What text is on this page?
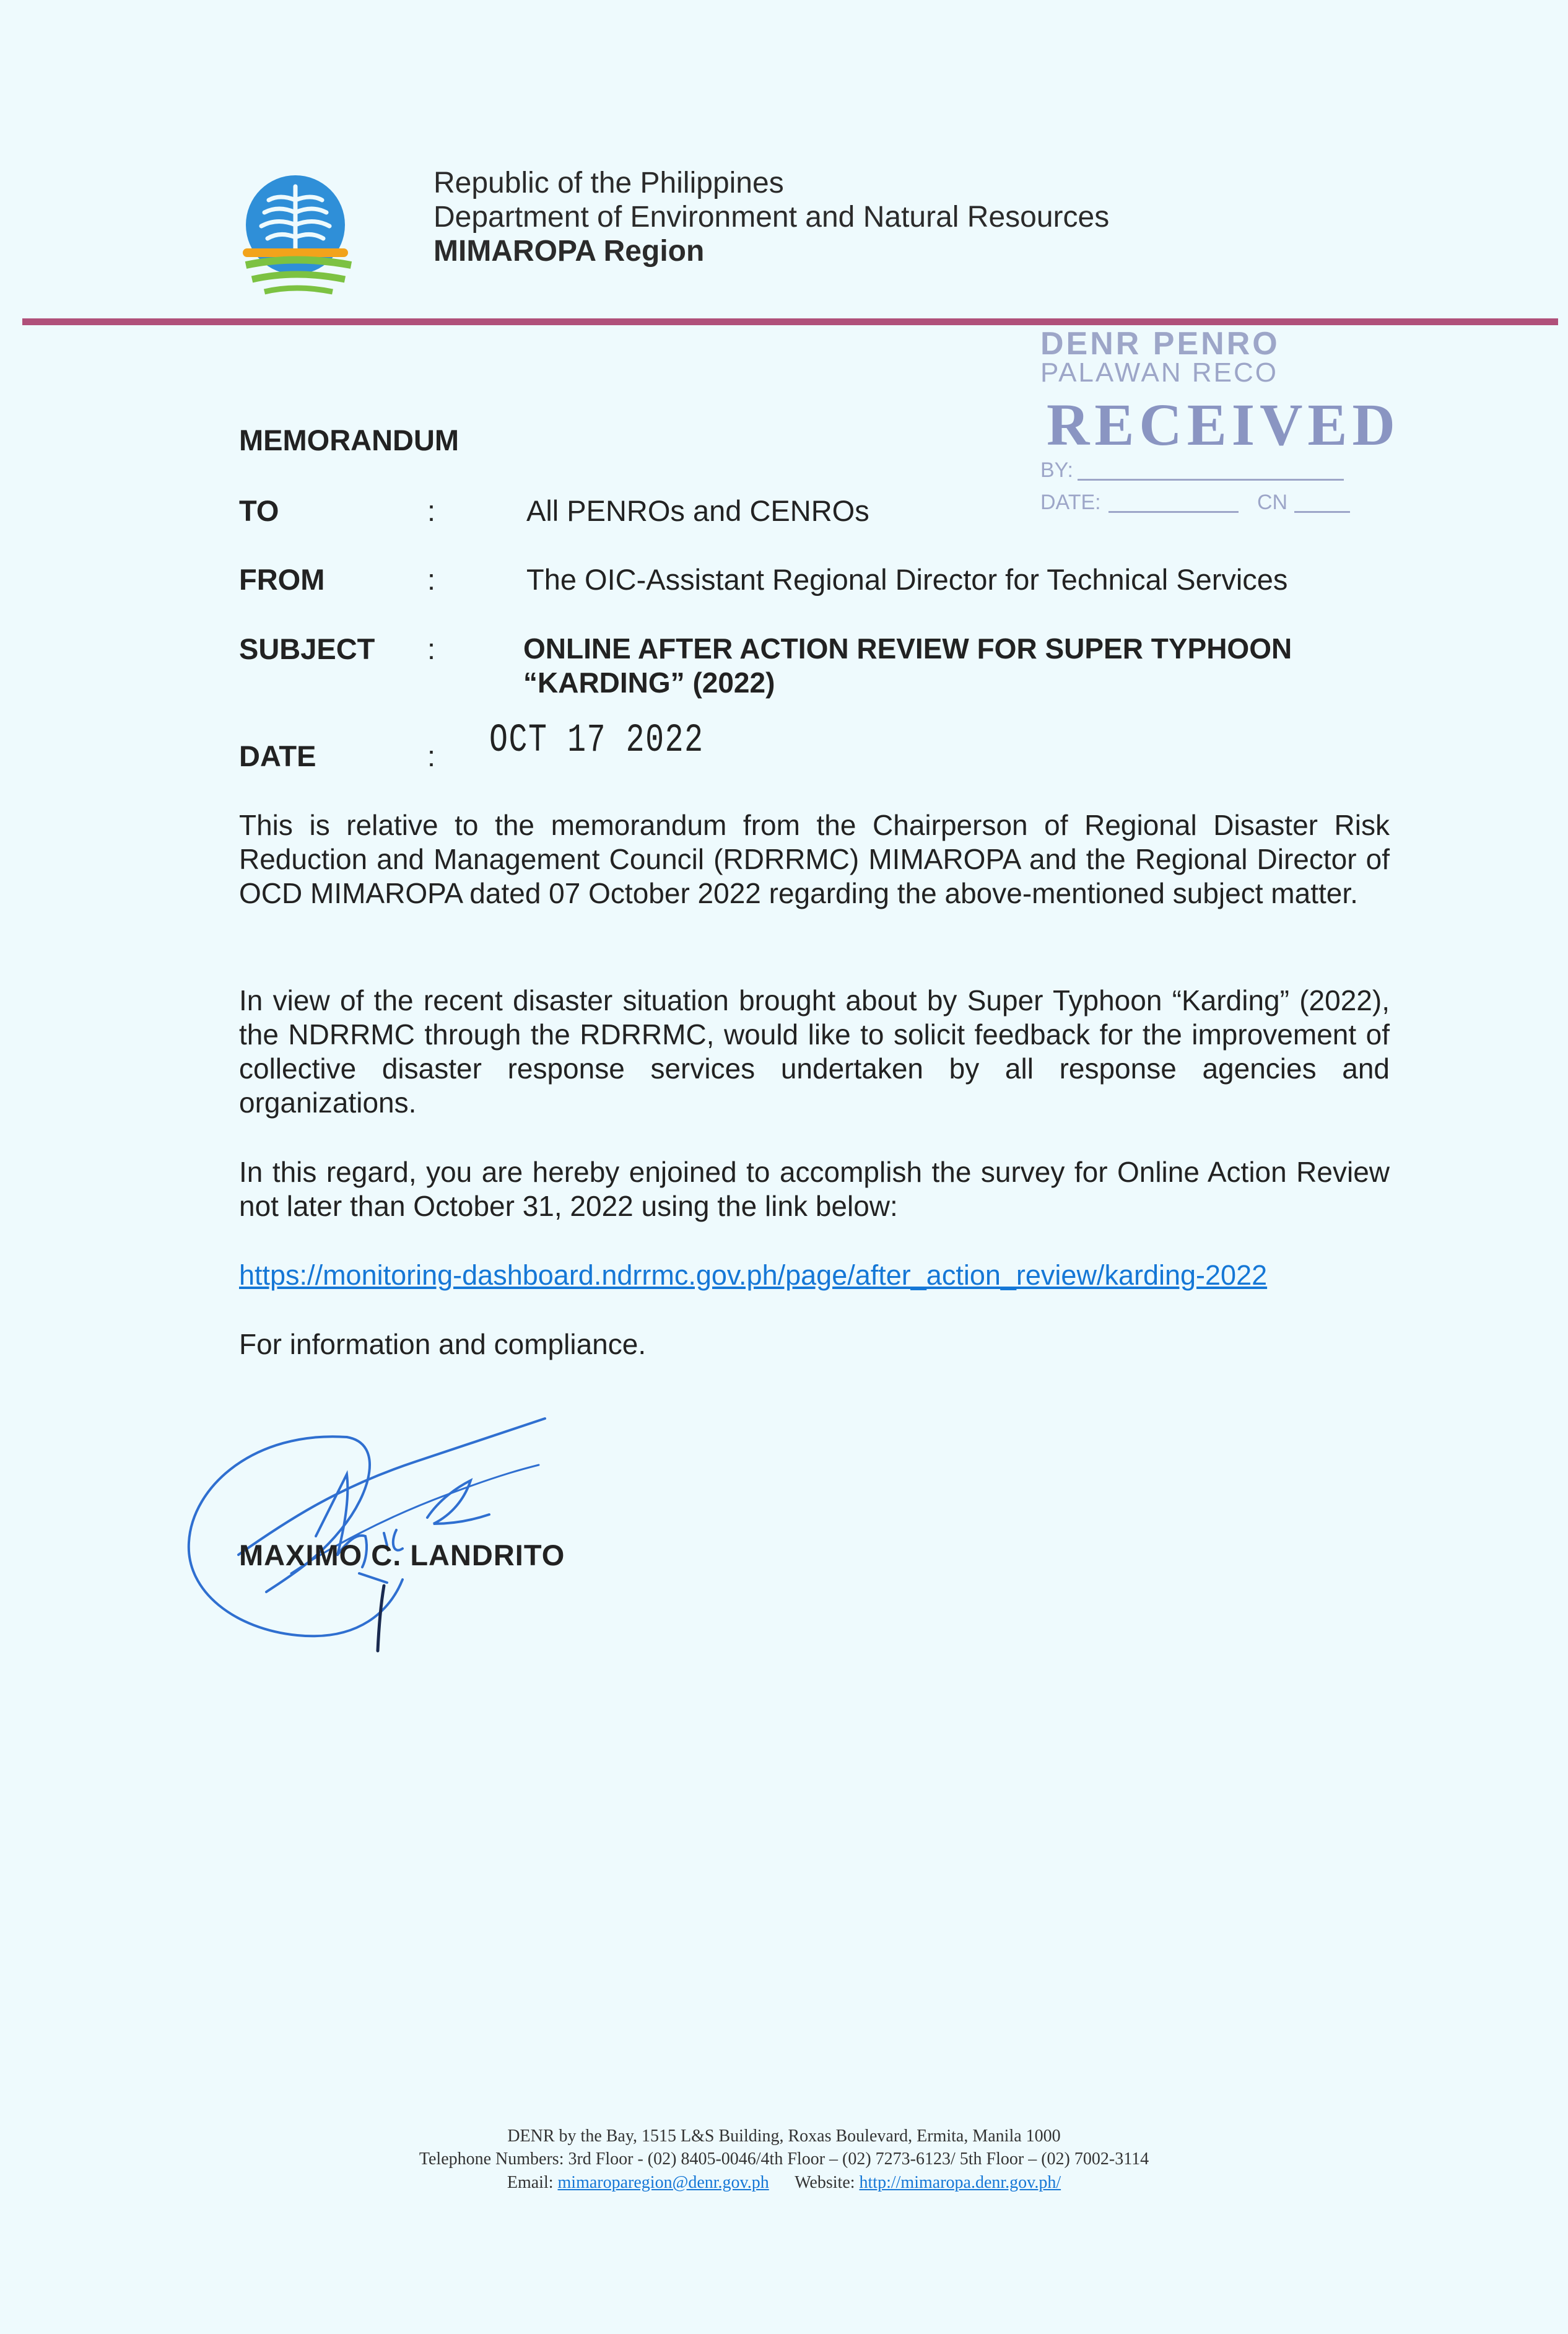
Republic of the Philippines
Department of Environment and Natural Resources
MIMAROPA Region
DENR PENRO
PALAWAN RECO
RECEIVED
BY:
DATE:	CN
MEMORANDUM
TO	:	All PENROs and CENROs
FROM	:	The OIC-Assistant Regional Director for Technical Services
SUBJECT :	ONLINE AFTER ACTION REVIEW FOR SUPER TYPHOON “KARDING” (2022)
DATE	: OCT 17 2022
This is relative to the memorandum from the Chairperson of Regional Disaster Risk Reduction and Management Council (RDRRMC) MIMAROPA and the Regional Director of OCD MIMAROPA dated 07 October 2022 regarding the above-mentioned subject matter.
In view of the recent disaster situation brought about by Super Typhoon “Karding” (2022), the NDRRMC through the RDRRMC, would like to solicit feedback for the improvement of collective disaster response services undertaken by all response agencies and organizations.
In this regard, you are hereby enjoined to accomplish the survey for Online Action Review not later than October 31, 2022 using the link below:
https://monitoring-dashboard.ndrrmc.gov.ph/page/after_action_review/karding-2022
For information and compliance.
MAXIMO C. LANDRITO
DENR by the Bay, 1515 L&S Building, Roxas Boulevard, Ermita, Manila 1000
Telephone Numbers: 3rd Floor - (02) 8405-0046/4th Floor – (02) 7273-6123/ 5th Floor – (02) 7002-3114
Email: mimaroparegion@denr.gov.ph Website: http://mimaropa.denr.gov.ph/
